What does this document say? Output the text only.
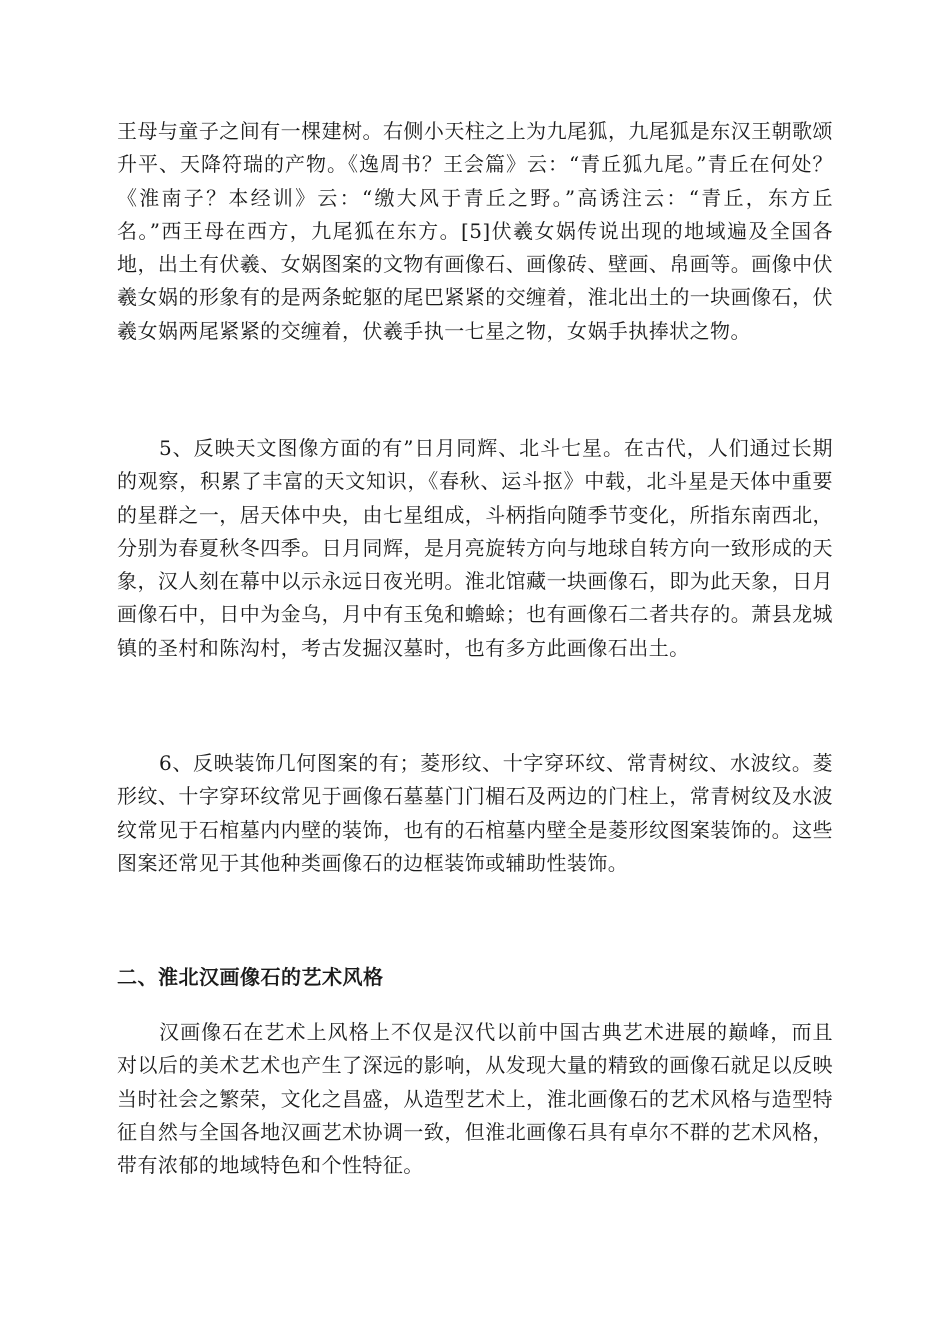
王母与童子之间有一棵建树。右侧小天柱之上为九尾狐，九尾狐是东汉王朝歌颂升平、天降符瑞的产物。《逸周书？王会篇》云：“青丘狐九尾。”青丘在何处？《淮南子？本经训》云：“缴大风于青丘之野。”高诱注云：“青丘，东方丘名。”西王母在西方，九尾狐在东方。[5]伏羲女娲传说出现的地域遍及全国各地，出土有伏羲、女娲图案的文物有画像石、画像砖、壁画、帛画等。画像中伏羲女娲的形象有的是两条蛇躯的尾巴紧紧的交缠着，淮北出土的一块画像石，伏羲女娲两尾紧紧的交缠着，伏羲手执一七星之物，女娲手执捧状之物。

5、反映天文图像方面的有”日月同辉、北斗七星。在古代，人们通过长期的观察，积累了丰富的天文知识，《春秋、运斗抠》中载，北斗星是天体中重要的星群之一，居天体中央，由七星组成，斗柄指向随季节变化，所指东南西北，分别为春夏秋冬四季。日月同辉，是月亮旋转方向与地球自转方向一致形成的天象，汉人刻在幕中以示永远日夜光明。淮北馆藏一块画像石，即为此天象，日月画像石中，日中为金乌，月中有玉兔和蟾蜍；也有画像石二者共存的。萧县龙城镇的圣村和陈沟村，考古发掘汉墓时，也有多方此画像石出土。

6、反映装饰几何图案的有；菱形纹、十字穿环纹、常青树纹、水波纹。菱形纹、十字穿环纹常见于画像石墓墓门门楣石及两边的门柱上，常青树纹及水波纹常见于石棺墓内内壁的装饰，也有的石棺墓内壁全是菱形纹图案装饰的。这些图案还常见于其他种类画像石的边框装饰或辅助性装饰。

二、淮北汉画像石的艺术风格

汉画像石在艺术上风格上不仅是汉代以前中国古典艺术进展的巅峰，而且对以后的美术艺术也产生了深远的影响，从发现大量的精致的画像石就足以反映当时社会之繁荣，文化之昌盛，从造型艺术上，淮北画像石的艺术风格与造型特征自然与全国各地汉画艺术协调一致，但淮北画像石具有卓尔不群的艺术风格，带有浓郁的地域特色和个性特征。
